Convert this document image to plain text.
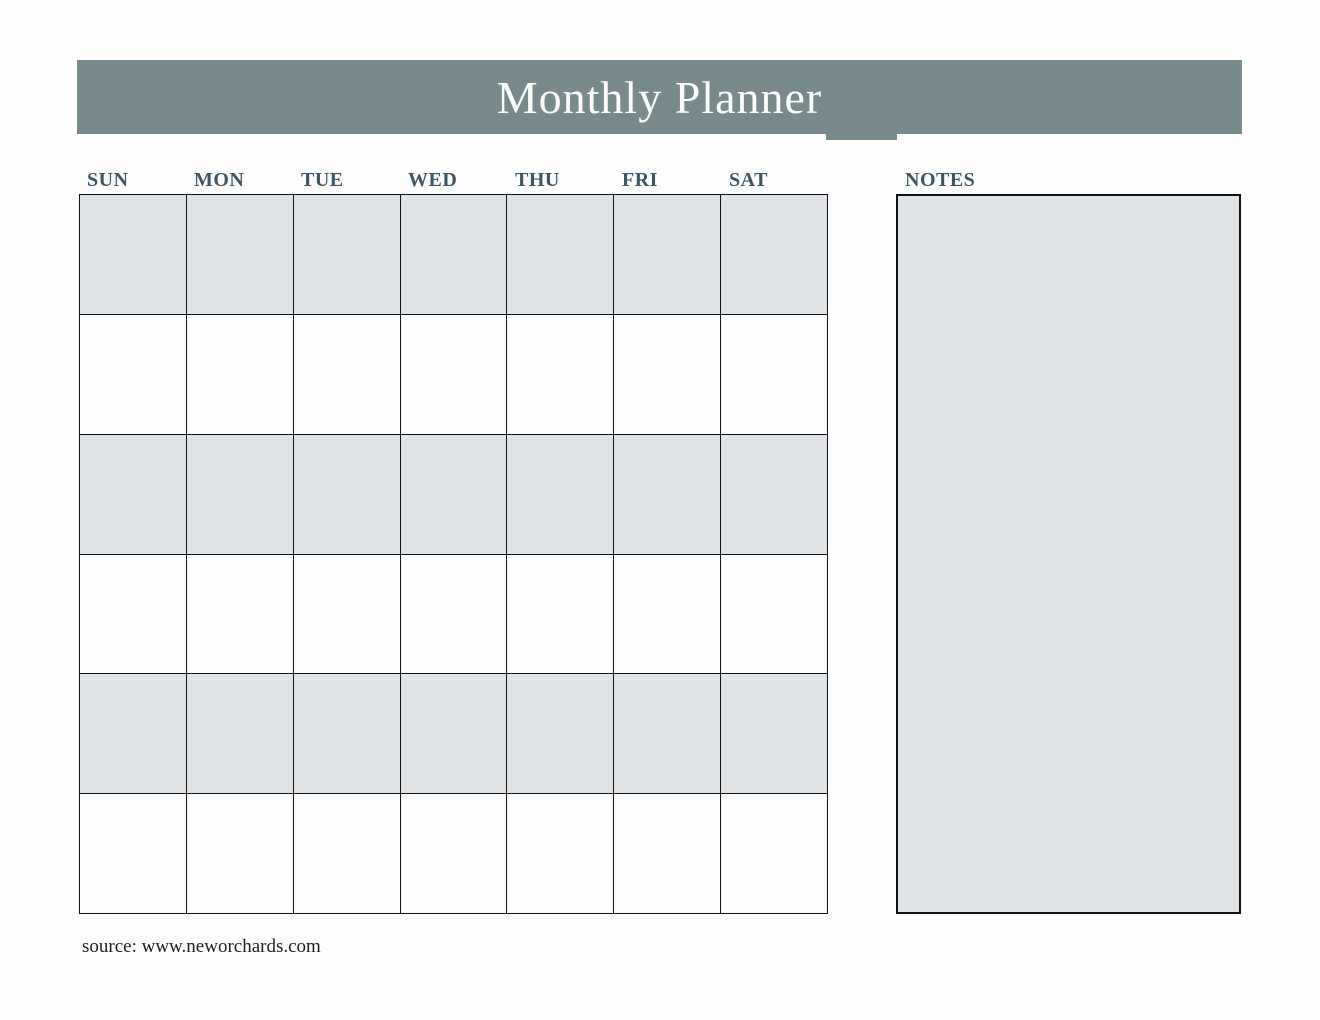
Monthly Planner
SUN	MON	TUE	WED	THU	FRI	SAT	NOTES
source: www.neworchards.com
